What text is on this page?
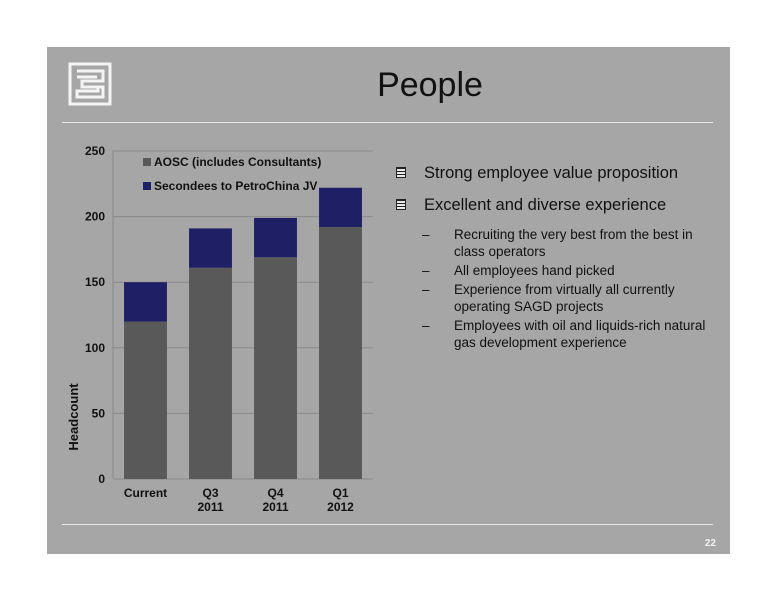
People
0
50
100
150
200
250
Current	Q3 2011
Q4 2011
Q1 2012
AOSC (includes Consultants)
Secondees to PetroChina JV
Headcount
Strong employee value proposition
Excellent and diverse experience
– Recruiting the very best from the best in class operators
– All employees hand picked
– Experience from virtually all currently operating SAGD projects
– Employees with oil and liquids-rich natural gas development experience
22
